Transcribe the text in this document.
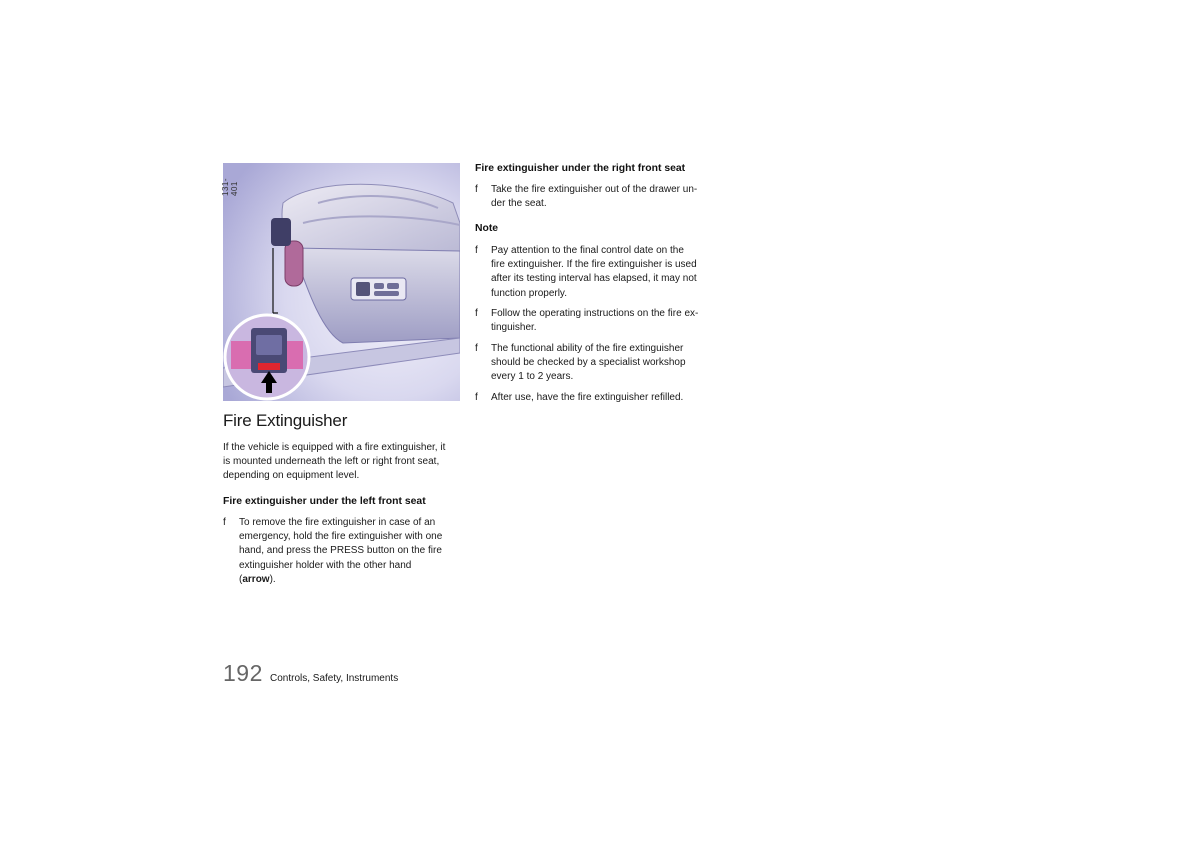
131-401
Fire Extinguisher

If the vehicle is equipped with a fire extinguisher, it
is mounted underneath the left or right front seat,
depending on equipment level.

Fire extinguisher under the left front seat
f To remove the fire extinguisher in case of an
emergency, hold the fire extinguisher with one
hand, and press the PRESS button on the fire
extinguisher holder with the other hand
(arrow).

Fire extinguisher under the right front seat
f Take the fire extinguisher out of the drawer un-
der the seat.

Note
f Pay attention to the final control date on the
fire extinguisher. If the fire extinguisher is used
after its testing interval has elapsed, it may not
function properly.

f Follow the operating instructions on the fire ex-
tinguisher.

f The functional ability of the fire extinguisher
should be checked by a specialist workshop
every 1 to 2 years.

f After use, have the fire extinguisher refilled.

192 Controls, Safety, Instruments
